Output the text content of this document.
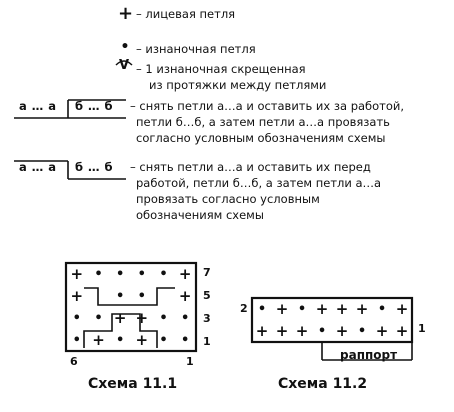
+ – лицевая петля
• – изнаночная петля
V – 1 изнаночная скрещенная
из протяжки между петлями
а … а б … б – снять петли а…а и оставить их за работой,
петли б…б, а затем петли а…а провязать
согласно условным обозначениям схемы
а … а б … б – снять петли а…а и оставить их перед
работой, петли б…б, а затем петли а…а
провязать согласно условным
обозначениям схемы
+ • • • • +
+	• • +
• • + + • •
• + • + • •
• + • + + + • +
+ + + • + • + +
7
5
3
1
6	1
Схема 11.1
2
1
раппорт
Схема 11.2
